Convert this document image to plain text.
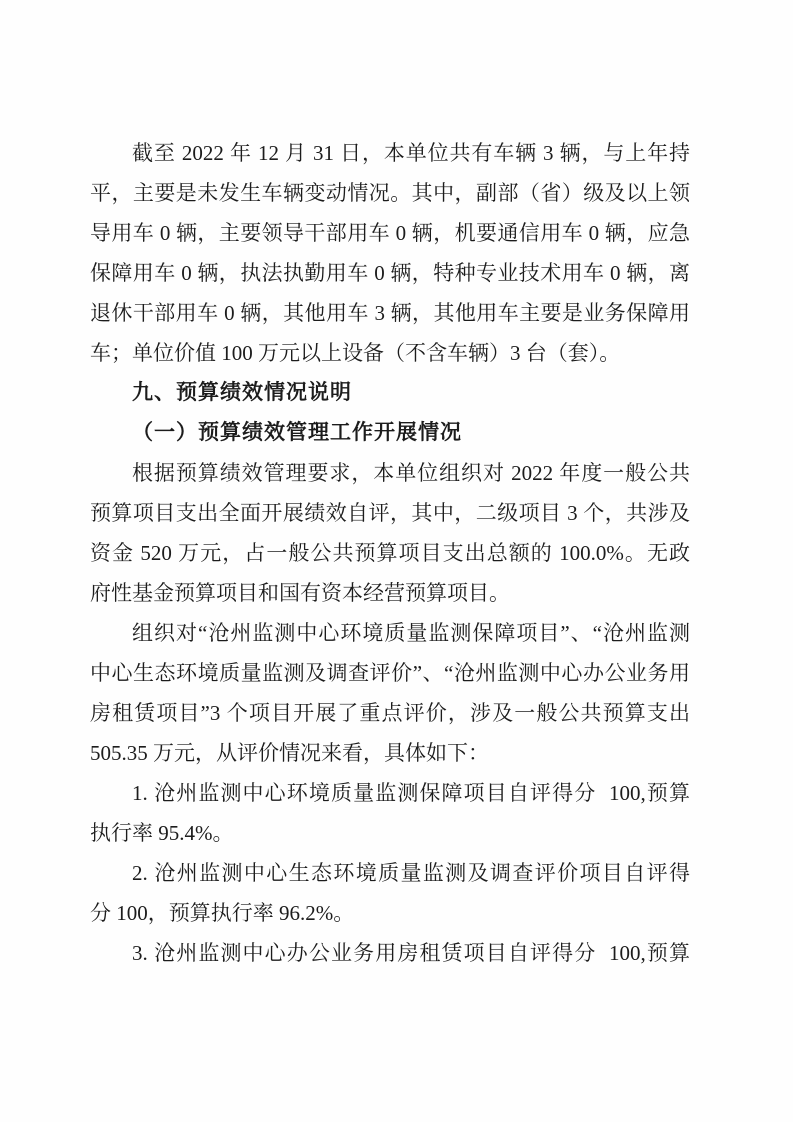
截至 2022 年 12 月 31 日，本单位共有车辆 3 辆，与上年持
平，主要是未发生车辆变动情况。其中，副部（省）级及以上领
导用车 0 辆，主要领导干部用车 0 辆，机要通信用车 0 辆，应急
保障用车 0 辆，执法执勤用车 0 辆，特种专业技术用车 0 辆，离
退休干部用车 0 辆，其他用车 3 辆，其他用车主要是业务保障用
车；单位价值 100 万元以上设备（不含车辆）3 台（套）。
九、预算绩效情况说明
（一）预算绩效管理工作开展情况
根据预算绩效管理要求，本单位组织对 2022 年度一般公共
预算项目支出全面开展绩效自评，其中，二级项目 3 个，共涉及
资金 520 万元，占一般公共预算项目支出总额的 100.0%。无政
府性基金预算项目和国有资本经营预算项目。
组织对“沧州监测中心环境质量监测保障项目”、“沧州监测
中心生态环境质量监测及调查评价”、“沧州监测中心办公业务用
房租赁项目”3 个项目开展了重点评价，涉及一般公共预算支出
505.35 万元，从评价情况来看，具体如下：
1. 沧州监测中心环境质量监测保障项目自评得分  100,预算
执行率 95.4%。
2. 沧州监测中心生态环境质量监测及调查评价项目自评得
分 100，预算执行率 96.2%。
3. 沧州监测中心办公业务用房租赁项目自评得分  100,预算
